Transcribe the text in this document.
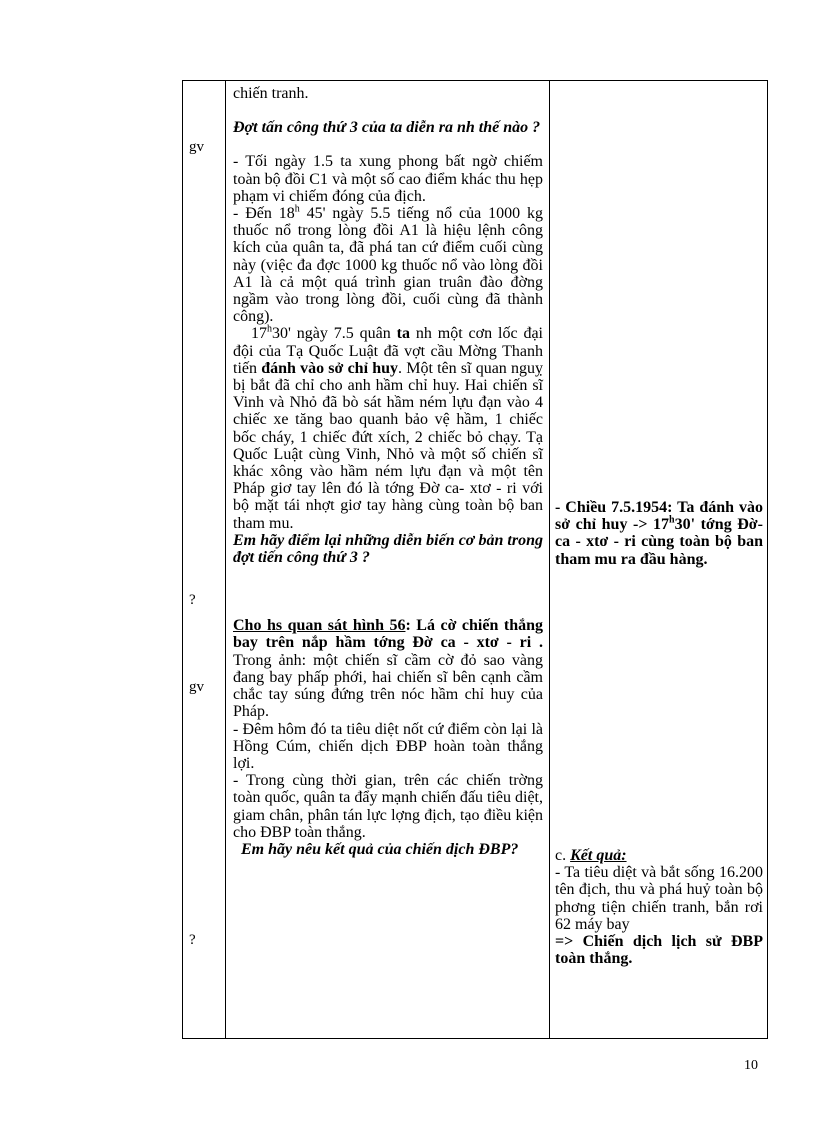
gv
?
gv
?

chiến tranh.

Đợt tấn công thứ 3 của ta diễn ra nh thế nào ?

- Tối ngày 1.5 ta xung phong bất ngờ chiếm toàn bộ đồi C1 và một số cao điểm khác thu hẹp phạm vi chiếm đóng của địch.

- Đến 18$^h$ 45' ngày 5.5 tiếng nổ của 1000 kg thuốc nổ trong lòng đồi A1 là hiệu lệnh công kích của quân ta, đã phá tan cứ điểm cuối cùng này (việc đa đợc 1000 kg thuốc nổ vào lòng đồi A1 là cả một quá trình gian truân đào đờng ngầm vào trong lòng đồi, cuối cùng đã thành công).

17$^h$30' ngày 7.5 quân ta nh một cơn lốc đại đội của Tạ Quốc Luật đã vợt cầu Mờng Thanh tiến đánh vào sở chỉ huy. Một tên sĩ quan nguỵ bị bắt đã chỉ cho anh hầm chỉ huy. Hai chiến sĩ Vinh và Nhỏ đã bò sát hầm ném lựu đạn vào 4 chiếc xe tăng bao quanh bảo vệ hầm, 1 chiếc bốc cháy, 1 chiếc đứt xích, 2 chiếc bỏ chạy. Tạ Quốc Luật cùng Vinh, Nhỏ và một số chiến sĩ khác xông vào hầm ném lựu đạn và một tên Pháp giơ tay lên đó là tớng Đờ ca- xtơ - ri với bộ mặt tái nhợt giơ tay hàng cùng toàn bộ ban tham mu.

Em hãy điểm lại những diễn biến cơ bản trong đợt tiến công thứ 3 ?

Cho hs quan sát hình 56: Lá cờ chiến thắng bay trên nắp hầm tớng Đờ ca - xtơ - ri . Trong ảnh: một chiến sĩ cầm cờ đỏ sao vàng đang bay phấp phới, hai chiến sĩ bên cạnh cầm chắc tay súng đứng trên nóc hầm chỉ huy của Pháp.

- Đêm hôm đó ta tiêu diệt nốt cứ điểm còn lại là Hồng Cúm, chiến dịch ĐBP hoàn toàn thắng lợi.

- Trong cùng thời gian, trên các chiến trờng toàn quốc, quân ta đẩy mạnh chiến đấu tiêu diệt, giam chân, phân tán lực lợng địch, tạo điều kiện cho ĐBP toàn thắng.

Em hãy nêu kết quả của chiến dịch ĐBP?

- Chiều 7.5.1954: Ta đánh vào sở chỉ huy -> $17^h30'$ tớng Đờ- ca - xtơ - ri cùng toàn bộ ban tham mu ra đầu hàng.

c. Kết quả:

- Ta tiêu diệt và bắt sống 16.200 tên địch, thu và phá huỷ toàn bộ phơng tiện chiến tranh, bắn rơi 62 máy bay

=> Chiến dịch lịch sử ĐBP toàn thắng.

10
